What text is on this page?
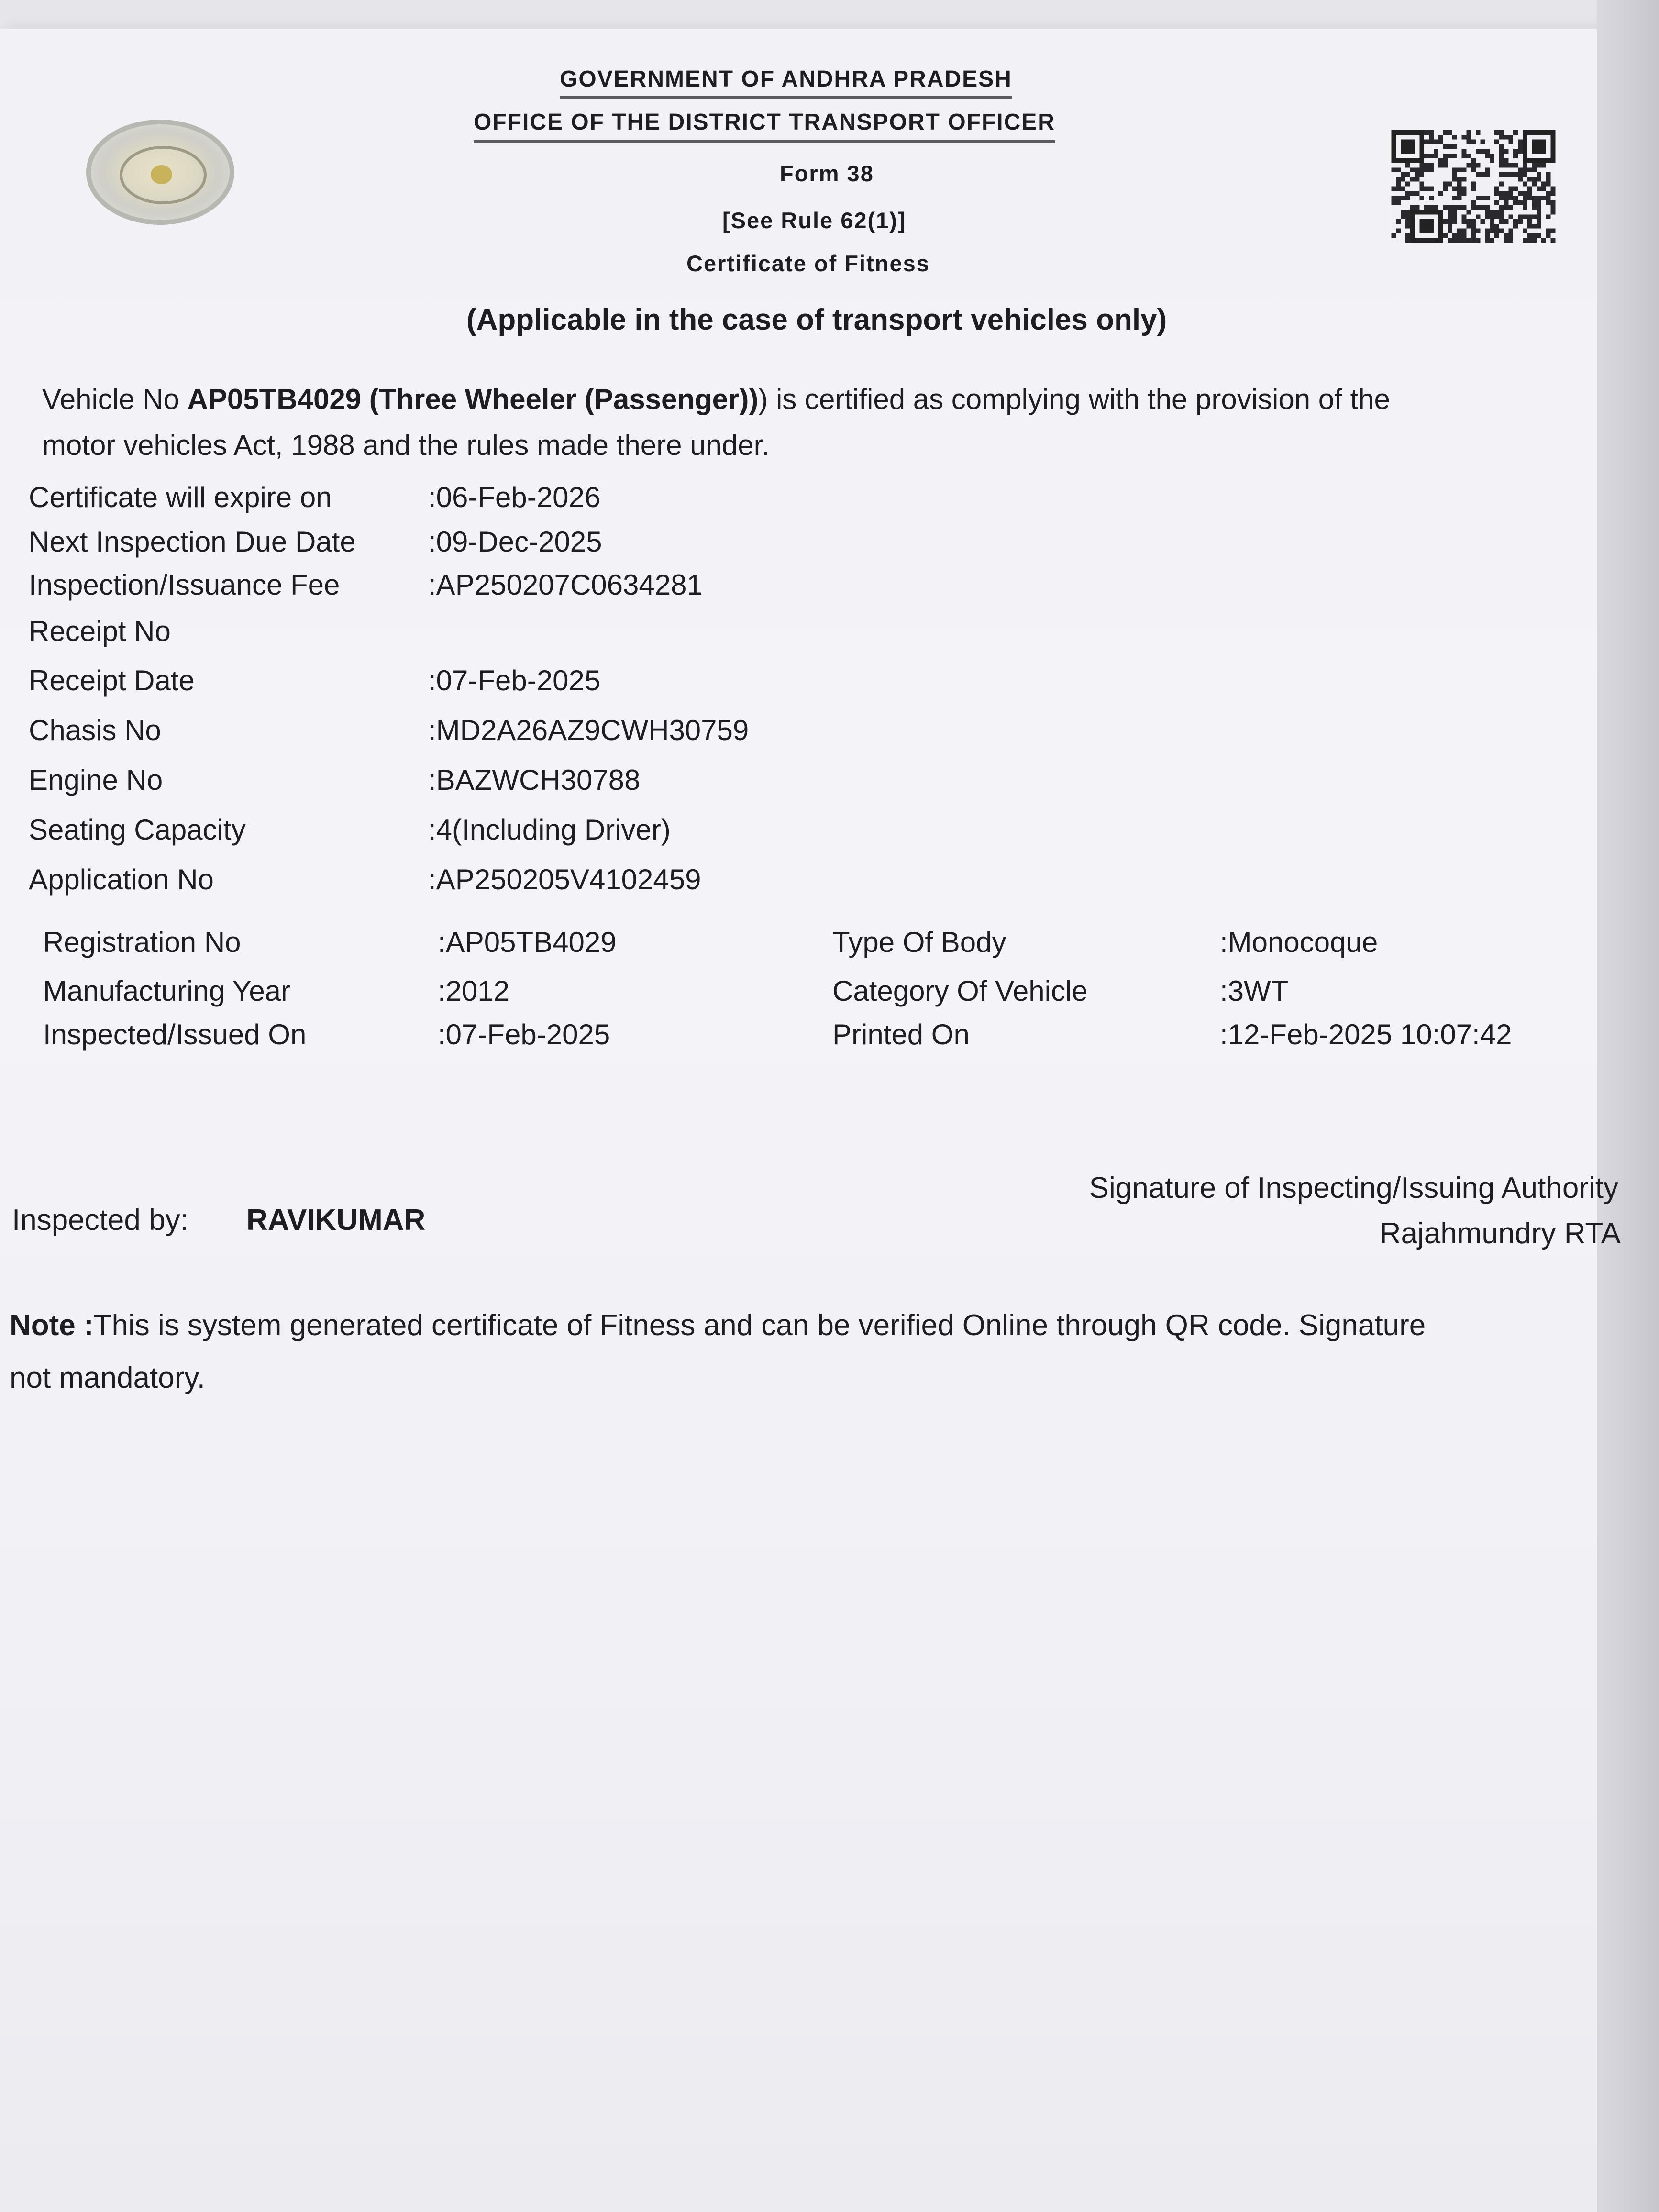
GOVERNMENT OF ANDHRA PRADESH
OFFICE OF THE DISTRICT TRANSPORT OFFICER
Form 38
[See Rule 62(1)]
Certificate of Fitness
(Applicable in the case of transport vehicles only)
Vehicle No AP05TB4029 (Three Wheeler (Passenger))) is certified as complying with the provision of the
motor vehicles Act, 1988 and the rules made there under.
Certificate will expire on	:06-Feb-2026
Next Inspection Due Date	:09-Dec-2025
Inspection/Issuance Fee	:AP250207C0634281
Receipt No
Receipt Date	:07-Feb-2025
Chasis No	:MD2A26AZ9CWH30759
Engine No	:BAZWCH30788
Seating Capacity	:4(Including Driver)
Application No	:AP250205V4102459
Registration No	:AP05TB4029	Type Of Body	:Monocoque
Manufacturing Year	:2012	Category Of Vehicle	:3WT
Inspected/Issued On	:07-Feb-2025	Printed On	:12-Feb-2025 10:07:42
Inspected by: RAVIKUMAR
Signature of Inspecting/Issuing Authority
Rajahmundry RTA
Note :This is system generated certificate of Fitness and can be verified Online through QR code. Signature
not mandatory.
